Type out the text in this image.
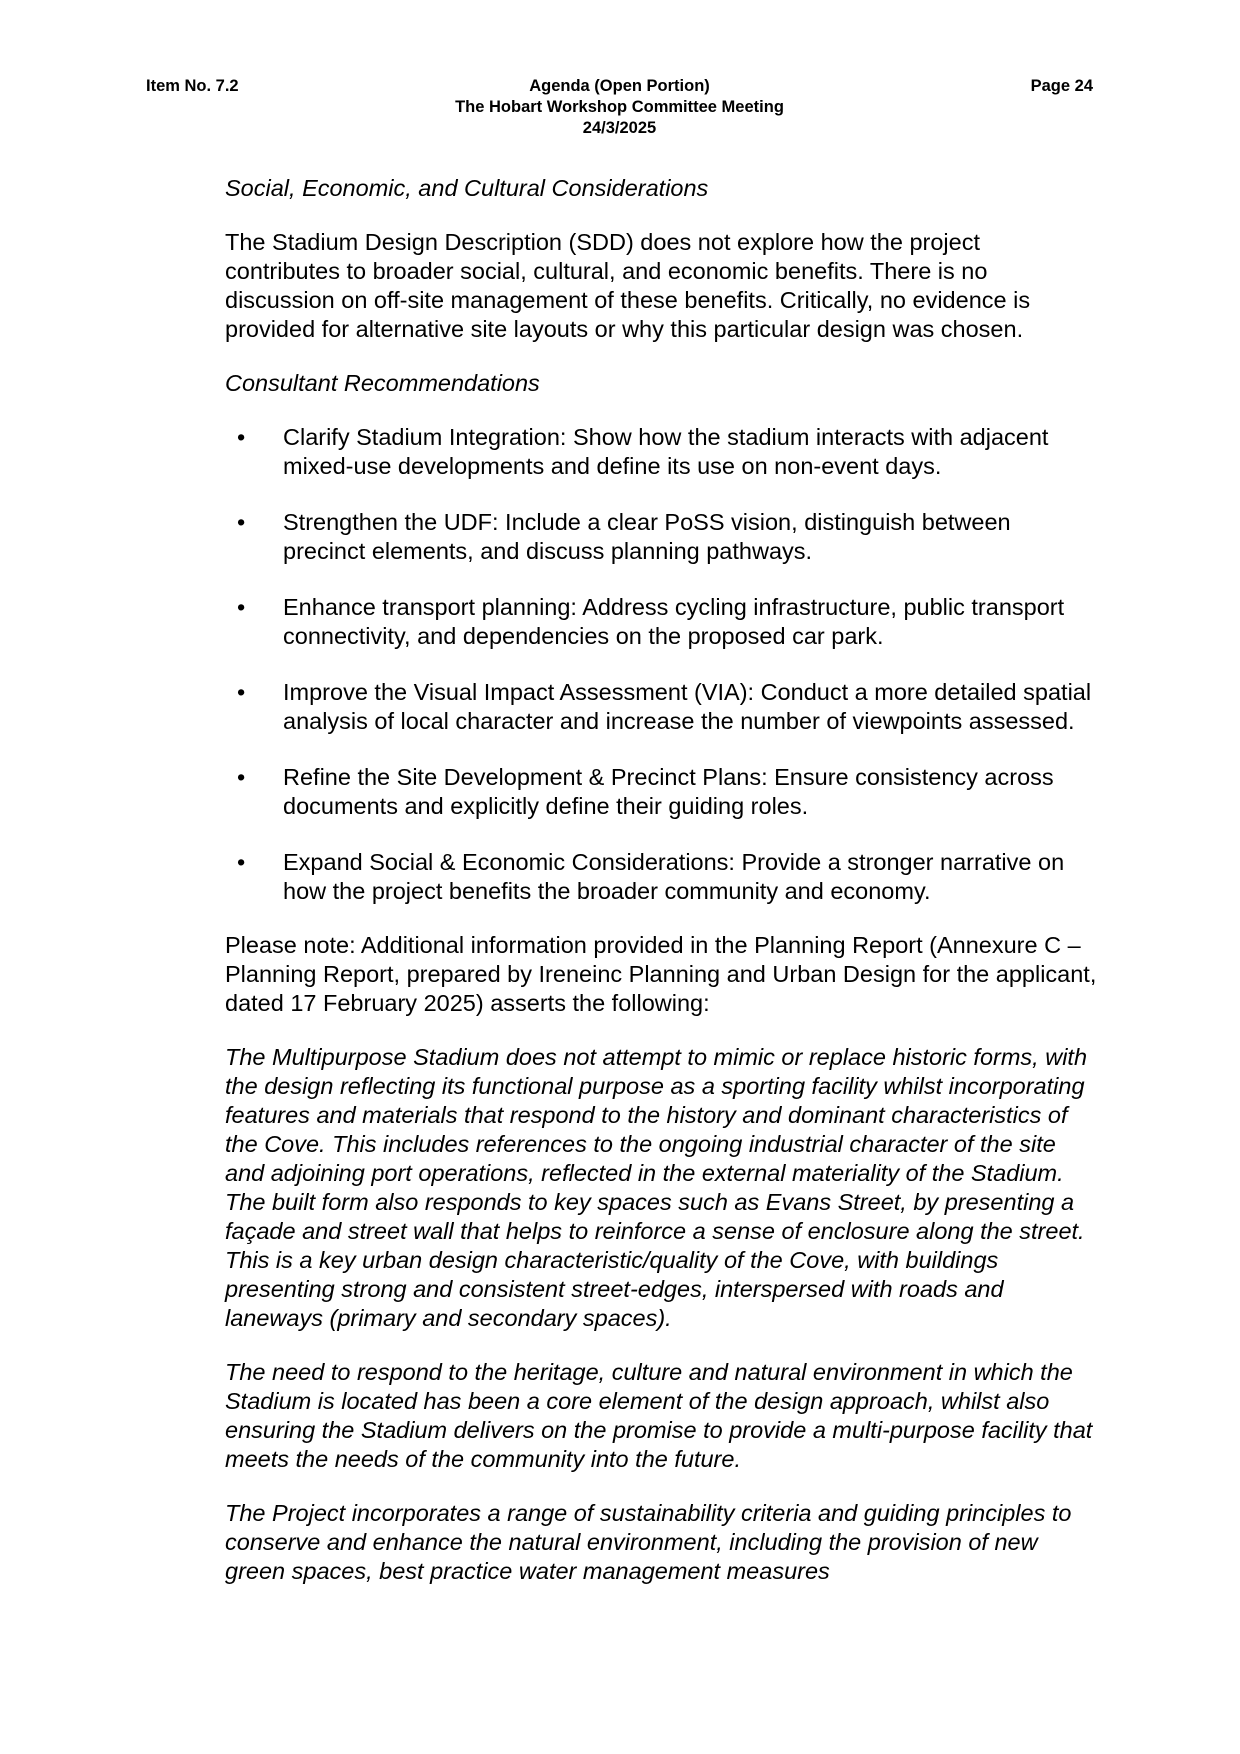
Item No. 7.2	Agenda (Open Portion)
The Hobart Workshop Committee Meeting
24/3/2025
Page 24

Social, Economic, and Cultural Considerations

The Stadium Design Description (SDD) does not explore how the project contributes to broader social, cultural, and economic benefits. There is no discussion on off-site management of these benefits. Critically, no evidence is provided for alternative site layouts or why this particular design was chosen.

Consultant Recommendations

• Clarify Stadium Integration: Show how the stadium interacts with adjacent mixed-use developments and define its use on non-event days.
• Strengthen the UDF: Include a clear PoSS vision, distinguish between precinct elements, and discuss planning pathways.
• Enhance transport planning: Address cycling infrastructure, public transport connectivity, and dependencies on the proposed car park.
• Improve the Visual Impact Assessment (VIA): Conduct a more detailed spatial analysis of local character and increase the number of viewpoints assessed.
• Refine the Site Development & Precinct Plans: Ensure consistency across documents and explicitly define their guiding roles.
• Expand Social & Economic Considerations: Provide a stronger narrative on how the project benefits the broader community and economy.

Please note: Additional information provided in the Planning Report (Annexure C – Planning Report, prepared by Ireneinc Planning and Urban Design for the applicant, dated 17 February 2025) asserts the following:

The Multipurpose Stadium does not attempt to mimic or replace historic forms, with the design reflecting its functional purpose as a sporting facility whilst incorporating features and materials that respond to the history and dominant characteristics of the Cove. This includes references to the ongoing industrial character of the site and adjoining port operations, reflected in the external materiality of the Stadium. The built form also responds to key spaces such as Evans Street, by presenting a façade and street wall that helps to reinforce a sense of enclosure along the street. This is a key urban design characteristic/quality of the Cove, with buildings presenting strong and consistent street-edges, interspersed with roads and laneways (primary and secondary spaces).

The need to respond to the heritage, culture and natural environment in which the Stadium is located has been a core element of the design approach, whilst also ensuring the Stadium delivers on the promise to provide a multi-purpose facility that meets the needs of the community into the future.

The Project incorporates a range of sustainability criteria and guiding principles to conserve and enhance the natural environment, including the provision of new green spaces, best practice water management measures
